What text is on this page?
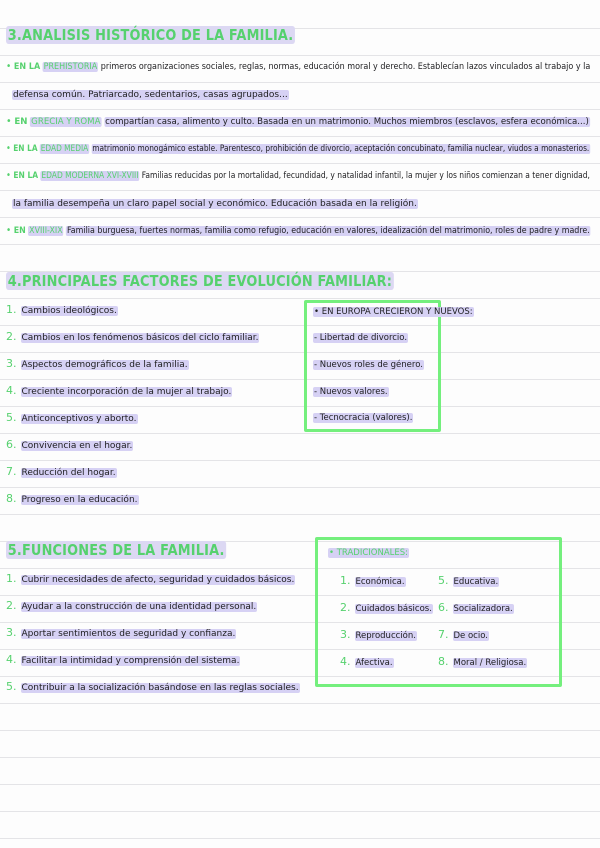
3.ANALISIS HISTÓRICO DE LA FAMILIA.
• EN LA PREHISTORIA primeros organizaciones sociales, reglas, normas, educación moral y derecho. Establecían lazos vinculados al trabajo y la
defensa común. Patriarcado, sedentarios, casas agrupados...
• EN GRECIA Y ROMA compartían casa, alimento y culto. Basada en un matrimonio. Muchos miembros (esclavos, esfera económica...)
• EN LA EDAD MEDIA matrimonio monogámico estable. Parentesco, prohibición de divorcio, aceptación concubinato, familia nuclear, viudos a monasterios.
• EN LA EDAD MODERNA XVI-XVIII Familias reducidas por la mortalidad, fecundidad, y natalidad infantil, la mujer y los niños comienzan a tener dignidad,
la familia desempeña un claro papel social y económico. Educación basada en la religión.
• EN XVIII-XIX Familia burguesa, fuertes normas, familia como refugio, educación en valores, idealización del matrimonio, roles de padre y madre.
4.PRINCIPALES FACTORES DE EVOLUCIÓN FAMILIAR:
1. Cambios ideológicos.
2. Cambios en los fenómenos básicos del ciclo familiar.
3. Aspectos demográficos de la familia.
4. Creciente incorporación de la mujer al trabajo.
5. Anticonceptivos y aborto.
6. Convivencia en el hogar.
7. Reducción del hogar.
8. Progreso en la educación.
• EN EUROPA CRECIERON Y NUEVOS:
- Libertad de divorcio.
- Nuevos roles de género.
- Nuevos valores.
- Tecnocracia (valores).
5.FUNCIONES DE LA FAMILIA.
1. Cubrir necesidades de afecto, seguridad y cuidados básicos.
2. Ayudar a la construcción de una identidad personal.
3. Aportar sentimientos de seguridad y confianza.
4. Facilitar la intimidad y comprensión del sistema.
5. Contribuir a la socialización basándose en las reglas sociales.
• TRADICIONALES:
1. Económica.
2. Cuidados básicos.
3. Reproducción.
4. Afectiva.
5. Educativa.
6. Socializadora.
7. De ocio.
8. Moral / Religiosa.
